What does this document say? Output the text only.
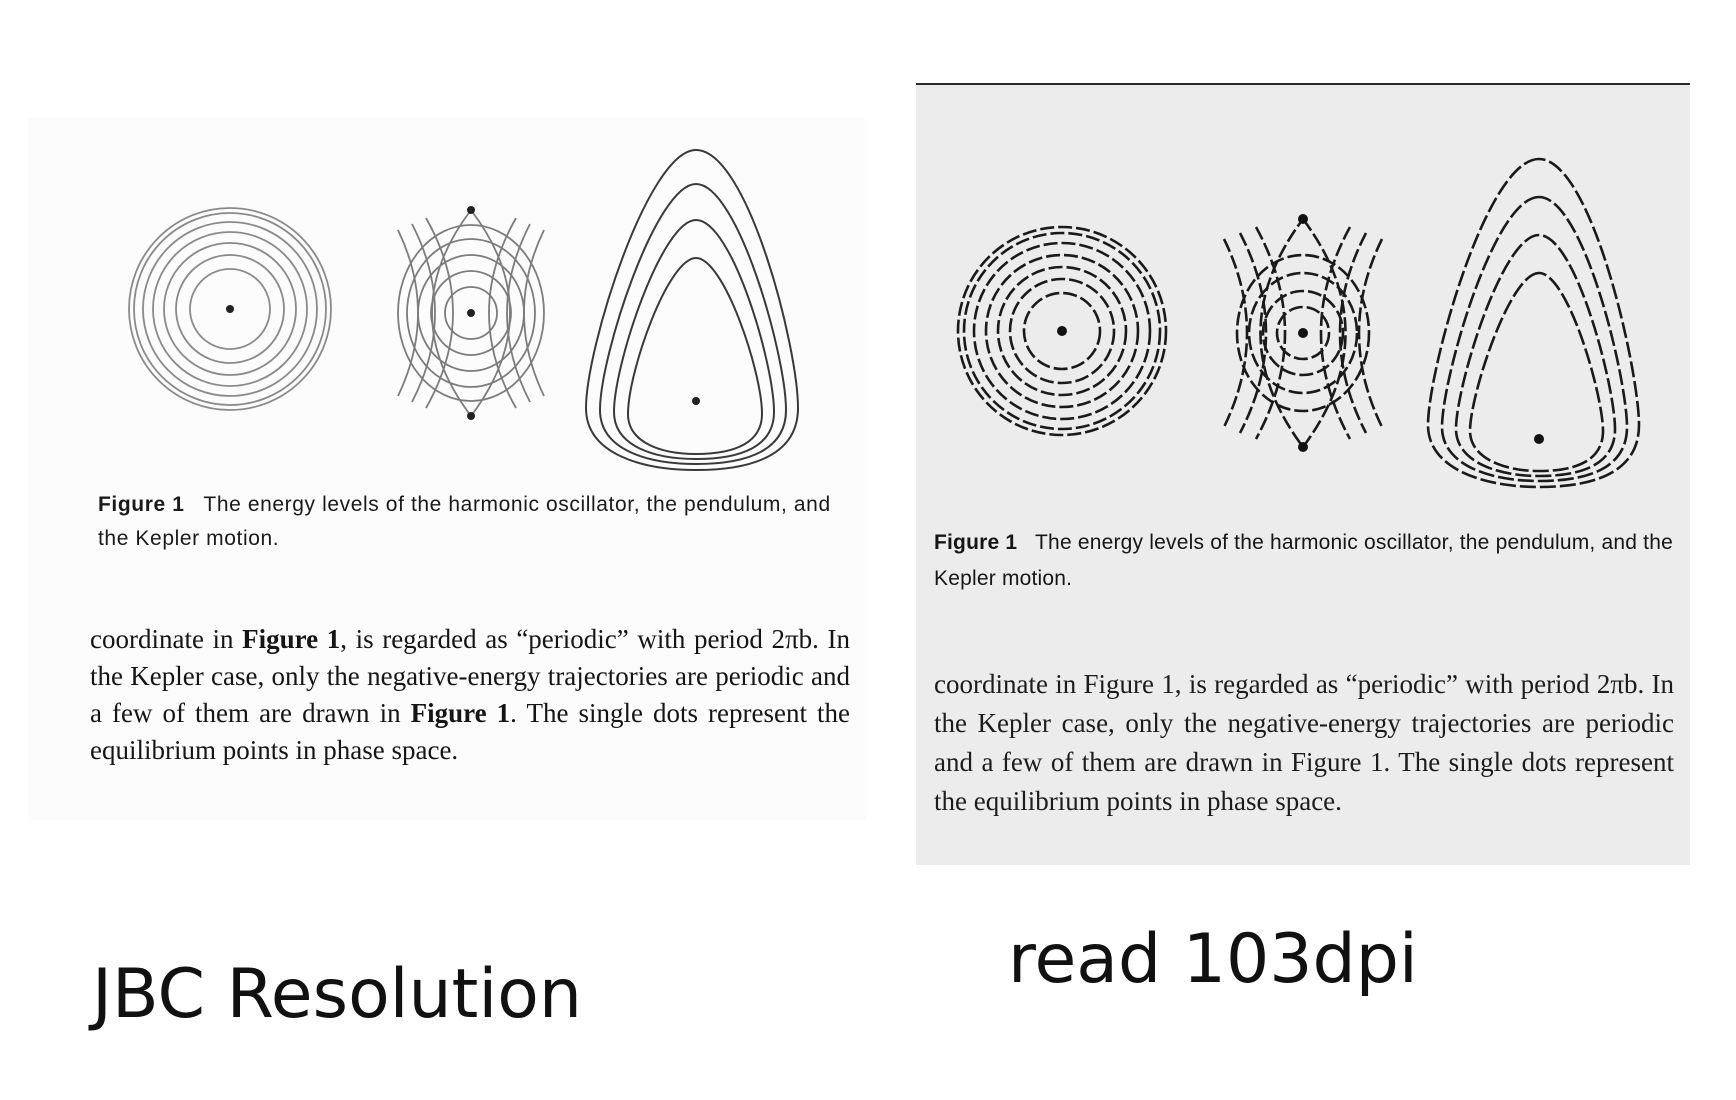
Figure 1 The energy levels of the harmonic oscillator, the pendulum, and the Kepler motion.

coordinate in Figure 1, is regarded as “periodic” with period 2πb. In the Kepler case, only the negative-energy trajectories are periodic and a few of them are drawn in Figure 1. The single dots represent the equilibrium points in phase space.

Figure 1 The energy levels of the harmonic oscillator, the pendulum, and the Kepler motion.

coordinate in Figure 1, is regarded as “periodic” with period 2πb. In the Kepler case, only the negative-energy trajectories are periodic and a few of them are drawn in Figure 1. The single dots represent the equilibrium points in phase space.

JBC Resolution	read 103dpi
